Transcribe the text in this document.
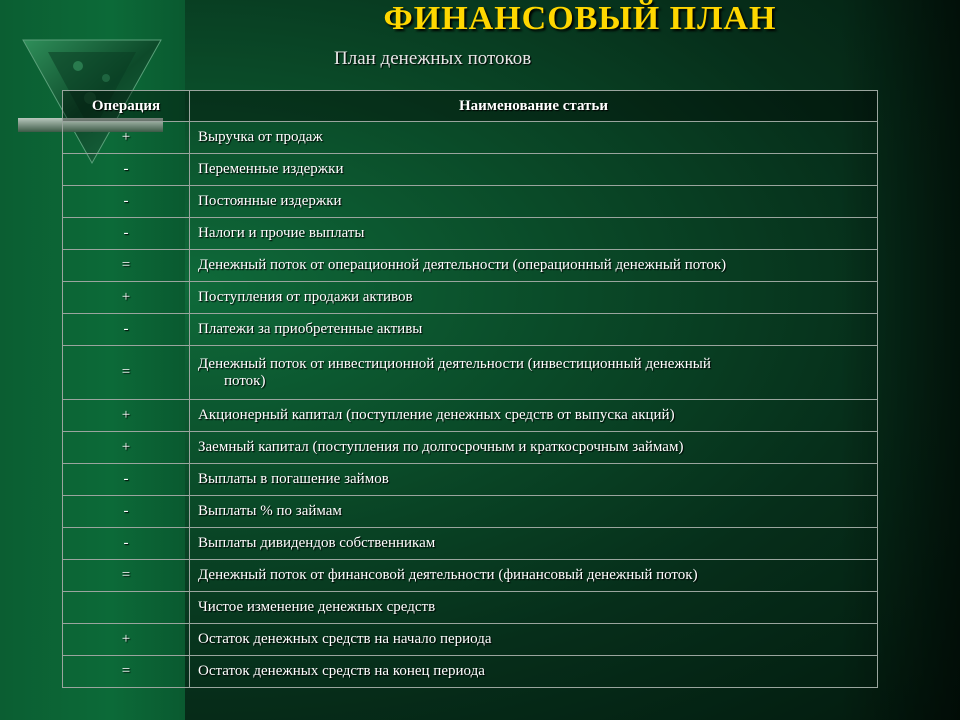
ФИНАНСОВЫЙ ПЛАН
План денежных потоков
Операция	Наименование статьи
+	Выручка от продаж
-	Переменные издержки
-	Постоянные издержки
-	Налоги и прочие выплаты
=	Денежный поток от операционной деятельности (операционный денежный поток)
+	Поступления от продажи активов
-	Платежи за приобретенные активы
=	Денежный поток от инвестиционной деятельности (инвестиционный денежный
поток)
+	Акционерный капитал (поступление денежных средств от выпуска акций)
+	Заемный капитал (поступления по долгосрочным и краткосрочным займам)
-	Выплаты в погашение займов
-	Выплаты % по займам
-	Выплаты дивидендов собственникам
=	Денежный поток от финансовой деятельности (финансовый денежный поток)
	Чистое изменение денежных средств
+	Остаток денежных средств на начало периода
=	Остаток денежных средств на конец периода
